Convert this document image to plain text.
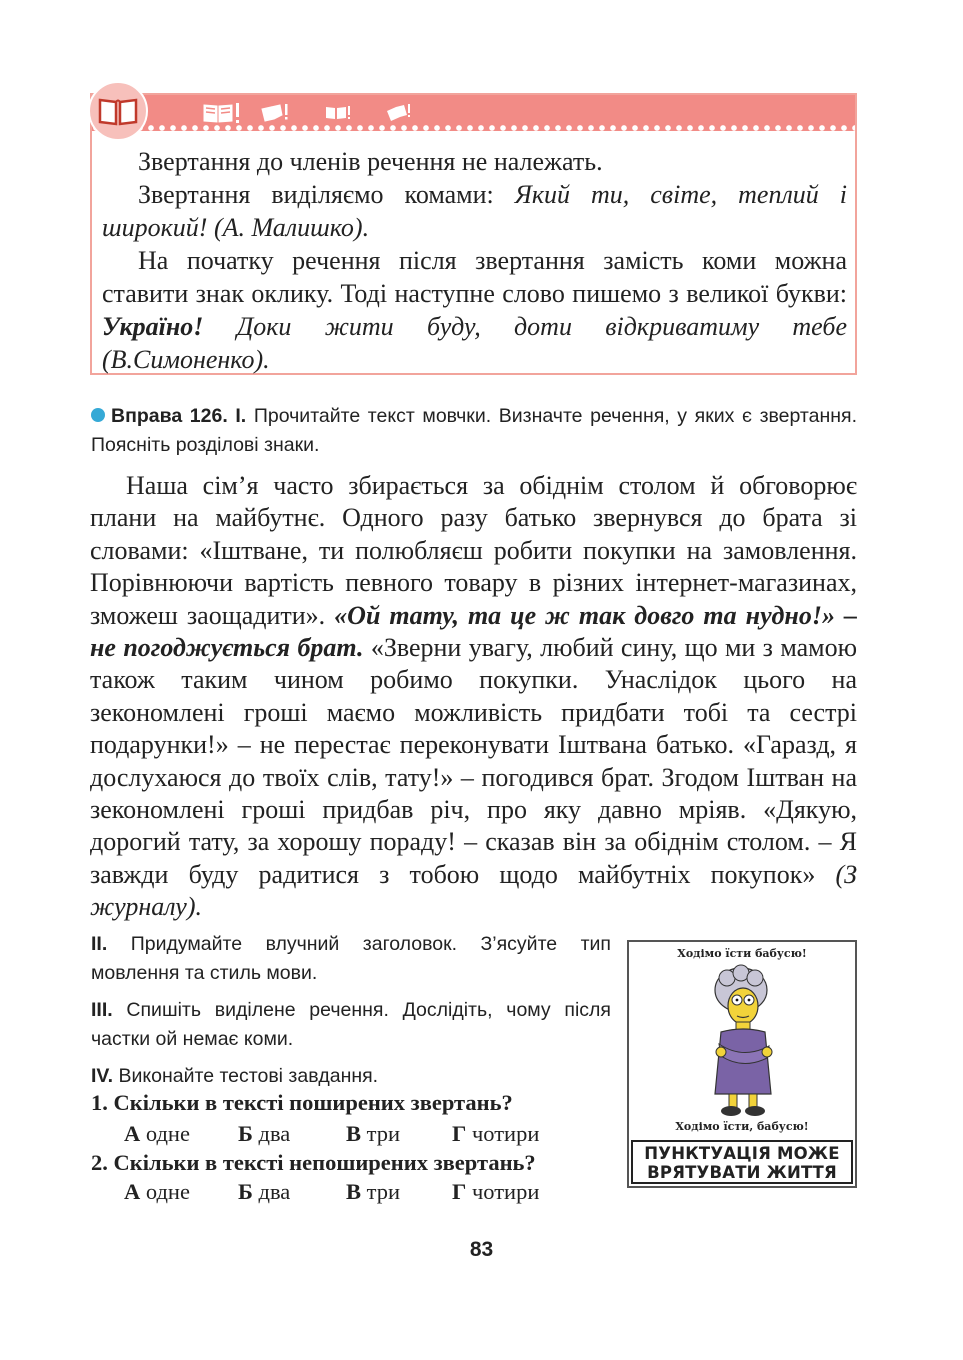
Звертання до членів речення не належать.

Звертання виділяємо комами: Який ти, світе, теплий і широкий! (А. Малишко).

На початку речення після звертання замість коми можна ставити знак оклику. Тоді наступне слово пишемо з великої букви: Україно! Доки жити буду, доти відкриватиму тебе (В.Симоненко).

Вправа 126. І. Прочитайте текст мовчки. Визначте речення, у яких є звертання. Поясніть розділові знаки.
Наша сім’я часто збирається за обіднім столом й обговорює плани на майбутнє. Одного разу батько звернувся до брата зі словами: «Іштване, ти полюбляєш робити покупки на замовлення. Порівнюючи вартість певного товару в різних інтернет-магазинах, зможеш заощадити». «Ой тату, та це ж так довго та нудно!» – не погоджується брат. «Зверни увагу, любий сину, що ми з мамою також таким чином робимо покупки. Унаслідок цього на зекономлені гроші маємо можливість придбати тобі та сестрі подарунки!» – не перестає переконувати Іштвана батько. «Гаразд, я дослухаюся до твоїх слів, тату!» – погодився брат. Згодом Іштван на зекономлені гроші придбав річ, про яку давно мріяв. «Дякую, дорогий тату, за хорошу пораду! – сказав він за обіднім столом. – Я завжди буду радитися з тобою щодо майбутніх покупок» (З журналу).

ІІ. Придумайте влучний заголовок. З’ясуйте тип мовлення та стиль мови.

ІІІ. Спишіть виділене речення. Дослідіть, чому після частки ой немає коми.

IV. Виконайте тестові завдання.

1. Скільки в тексті поширених звертань?
А одне Б два В три Г чотири
2. Скільки в тексті непоширених звертань?
А одне Б два В три Г чотири
Ходімо їсти бабусю!
Ходімо їсти, бабусю!
ПУНКТУАЦІЯ МОЖЕ
ВРЯТУВАТИ ЖИТТЯ
83
